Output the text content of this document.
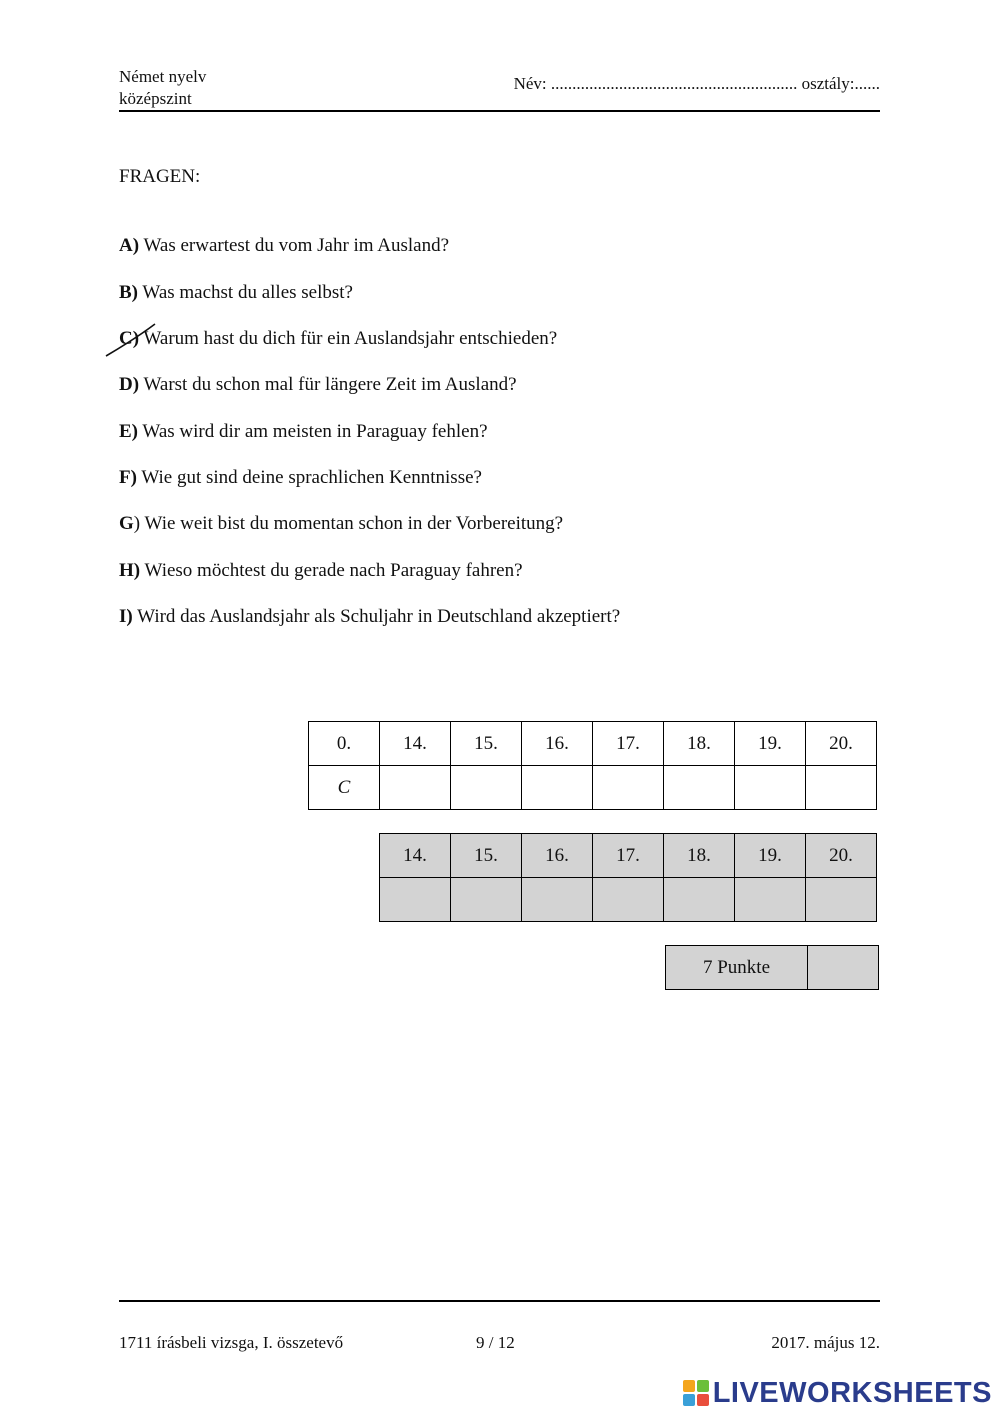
Német nyelv
középszint
Név: .......................................................... osztály:......
FRAGEN:
A) Was erwartest du vom Jahr im Ausland?
B) Was machst du alles selbst?
C) Warum hast du dich für ein Auslandsjahr entschieden?
D) Warst du schon mal für längere Zeit im Ausland?
E) Was wird dir am meisten in Paraguay fehlen?
F) Wie gut sind deine sprachlichen Kenntnisse?
G) Wie weit bist du momentan schon in der Vorbereitung?
H) Wieso möchtest du gerade nach Paraguay fahren?
I) Wird das Auslandsjahr als Schuljahr in Deutschland akzeptiert?
0.	14.	15.	16.	17.	18.	19.	20.
C							
14.	15.	16.	17.	18.	19.	20.

7 Punkte	
1711 írásbeli vizsga, I. összetevő	9 / 12	2017. május 12.
LIVEWORKSHEETS
